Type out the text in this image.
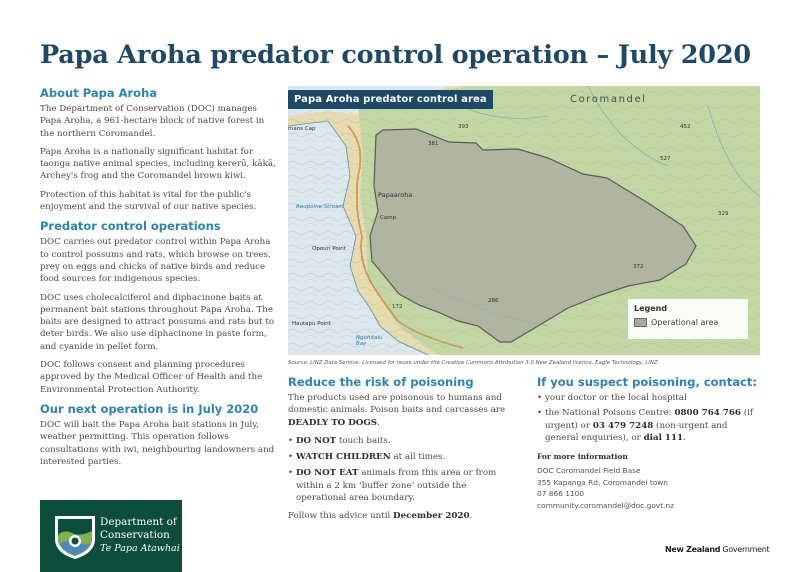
Papa Aroha predator control operation – July 2020
About Papa Aroha

The Department of Conservation (DOC) manages Papa Aroha, a 961-hectare block of native forest in the northern Coromandel.

Papa Aroha is a nationally significant habitat for taonga native animal species, including kererū, kākā, Archey's frog and the Coromandel brown kiwi.

Protection of this habitat is vital for the public's enjoyment and the survival of our native species.

Predator control operations

DOC carries out predator control within Papa Aroha to control possums and rats, which browse on trees, prey on eggs and chicks of native birds and reduce food sources for indigenous species.

DOC uses cholecalciferol and diphacinone baits at permanent bait stations throughout Papa Aroha. The baits are designed to attract possums and rats but to deter birds. We also use diphacinone in paste form, and cyanide in pellet form.

DOC follows consent and planning procedures approved by the Medical Officer of Health and the Environmental Protection Authority.

Our next operation is in July 2020

DOC will bait the Papa Aroha bait stations in July, weather permitting. This operation follows consultations with iwi, neighbouring landowners and interested parties.

Papa Aroha predator control area	Coromandel
mans Cap
Papaaroha
Camp
Reupoine Stream
Opouri Point
Hautapu Point
Ngohitaiu Bay
393
381
452
527
172
329
372
286
Legend
Operational area
Source: LINZ Data Service. Licensed for reuse under the Creative Commons Attribution 3.0 New Zealand licence, Eagle Technology, LINZ.
Reduce the risk of poisoning

The products used are poisonous to humans and domestic animals. Poison baits and carcasses are DEADLY TO DOGS.

• DO NOT touch baits.
• WATCH CHILDREN at all times.
• DO NOT EAT animals from this area or from within a 2 km ‘buffer zone’ outside the operational area boundary.

Follow this advice until December 2020.

If you suspect poisoning, contact:
• your doctor or the local hospital
• the National Poisons Centre: 0800 764 766 (if urgent) or 03 479 7248 (non-urgent and general enquiries), or dial 111.
For more information
DOC Coromandel Field Base
355 Kapanga Rd, Coromandel town
07 866 1100
community.coromandel@doc.govt.nz
Department of
Conservation
Te Papa Atawhai	New Zealand Government
